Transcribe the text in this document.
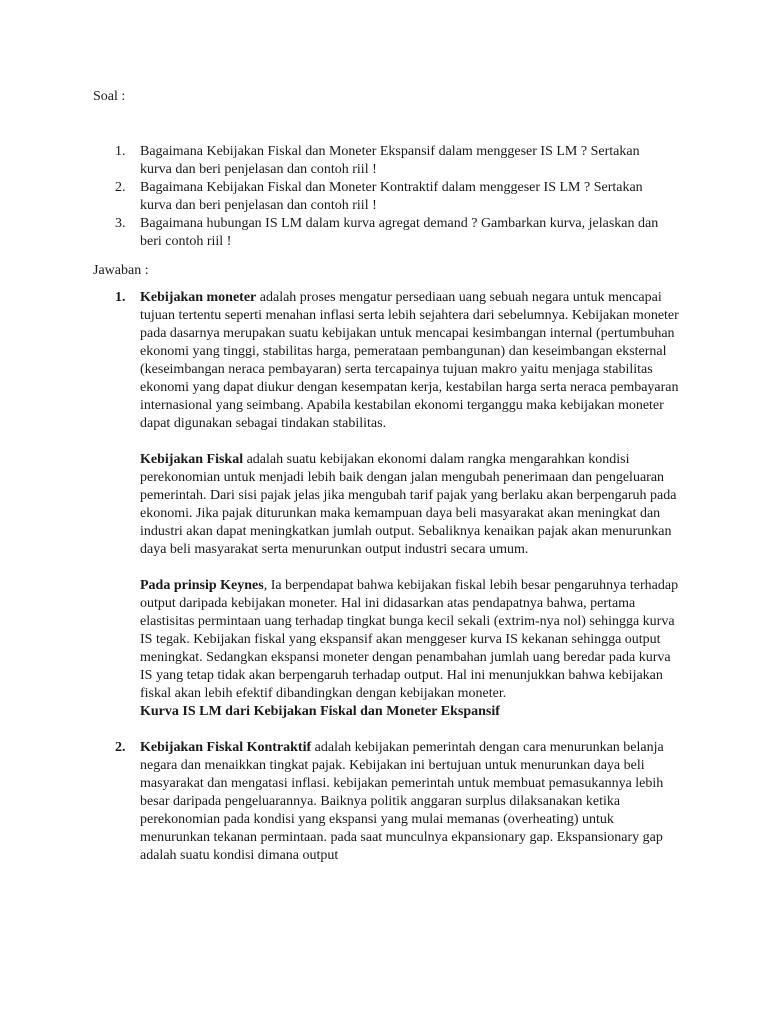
Soal :
1. Bagaimana Kebijakan Fiskal dan Moneter Ekspansif dalam menggeser IS LM ? Sertakan kurva dan beri penjelasan dan contoh riil !
2. Bagaimana Kebijakan Fiskal dan Moneter Kontraktif dalam menggeser IS LM ? Sertakan kurva dan beri penjelasan dan contoh riil !
3. Bagaimana hubungan IS LM dalam kurva agregat demand ? Gambarkan kurva, jelaskan dan beri contoh riil !
Jawaban :
1. Kebijakan moneter adalah proses mengatur persediaan uang sebuah negara untuk mencapai tujuan tertentu seperti menahan inflasi serta lebih sejahtera dari sebelumnya. Kebijakan moneter pada dasarnya merupakan suatu kebijakan untuk mencapai kesimbangan internal (pertumbuhan ekonomi yang tinggi, stabilitas harga, pemerataan pembangunan) dan keseimbangan eksternal (keseimbangan neraca pembayaran) serta tercapainya tujuan makro yaitu menjaga stabilitas ekonomi yang dapat diukur dengan kesempatan kerja, kestabilan harga serta neraca pembayaran internasional yang seimbang. Apabila kestabilan ekonomi terganggu maka kebijakan moneter dapat digunakan sebagai tindakan stabilitas.

Kebijakan Fiskal adalah suatu kebijakan ekonomi dalam rangka mengarahkan kondisi perekonomian untuk menjadi lebih baik dengan jalan mengubah penerimaan dan pengeluaran pemerintah. Dari sisi pajak jelas jika mengubah tarif pajak yang berlaku akan berpengaruh pada ekonomi. Jika pajak diturunkan maka kemampuan daya beli masyarakat akan meningkat dan industri akan dapat meningkatkan jumlah output. Sebaliknya kenaikan pajak akan menurunkan daya beli masyarakat serta menurunkan output industri secara umum.

Pada prinsip Keynes, Ia berpendapat bahwa kebijakan fiskal lebih besar pengaruhnya terhadap output daripada kebijakan moneter. Hal ini didasarkan atas pendapatnya bahwa, pertama elastisitas permintaan uang terhadap tingkat bunga kecil sekali (extrim-nya nol) sehingga kurva IS tegak. Kebijakan fiskal yang ekspansif akan menggeser kurva IS kekanan sehingga output meningkat. Sedangkan ekspansi moneter dengan penambahan jumlah uang beredar pada kurva IS yang tetap tidak akan berpengaruh terhadap output. Hal ini menunjukkan bahwa kebijakan fiskal akan lebih efektif dibandingkan dengan kebijakan moneter.

Kurva IS LM dari Kebijakan Fiskal dan Moneter Ekspansif
2. Kebijakan Fiskal Kontraktif adalah kebijakan pemerintah dengan cara menurunkan belanja negara dan menaikkan tingkat pajak. Kebijakan ini bertujuan untuk menurunkan daya beli masyarakat dan mengatasi inflasi. kebijakan pemerintah untuk membuat pemasukannya lebih besar daripada pengeluarannya. Baiknya politik anggaran surplus dilaksanakan ketika perekonomian pada kondisi yang ekspansi yang mulai memanas (overheating) untuk menurunkan tekanan permintaan. pada saat munculnya ekpansionary gap. Ekspansionary gap adalah suatu kondisi dimana output
